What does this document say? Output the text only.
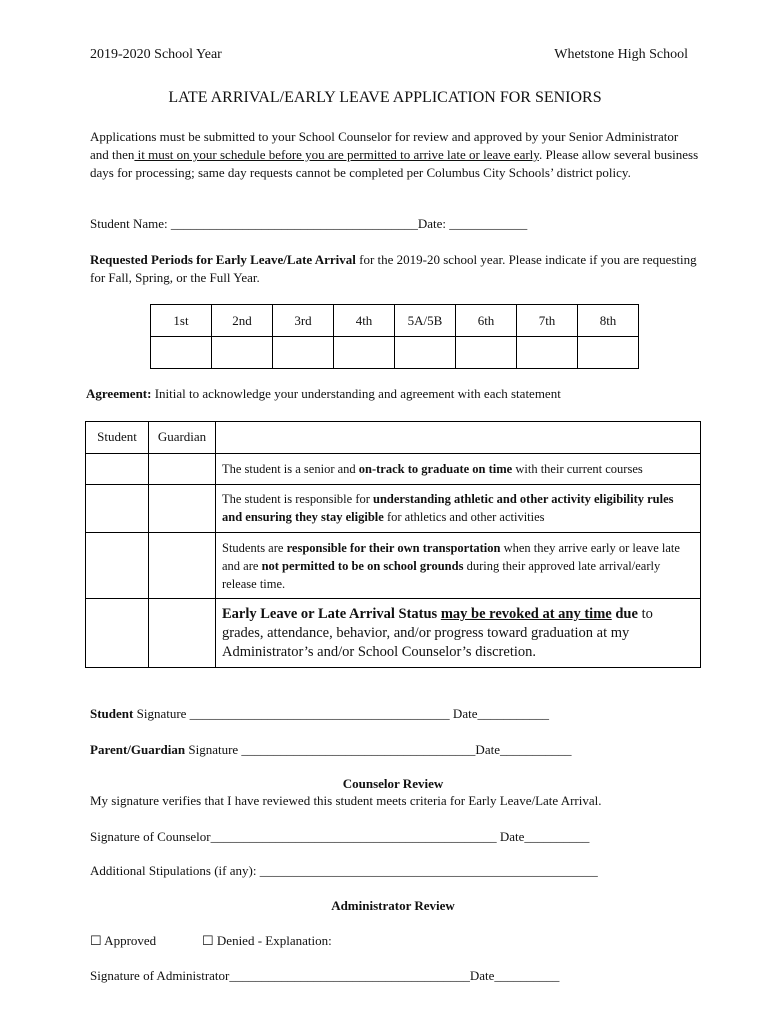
2019-2020 School Year	Whetstone High School
LATE ARRIVAL/EARLY LEAVE APPLICATION FOR SENIORS
Applications must be submitted to your School Counselor for review and approved by your Senior Administrator and then it must on your schedule before you are permitted to arrive late or leave early. Please allow several business days for processing; same day requests cannot be completed per Columbus City Schools’ district policy.
Student Name: ______________________________________Date: ____________
Requested Periods for Early Leave/Late Arrival for the 2019-20 school year. Please indicate if you are requesting for Fall, Spring, or the Full Year.
1st	2nd	3rd	4th	5A/5B	6th	7th	8th

Agreement: Initial to acknowledge your understanding and agreement with each statement
Student	Guardian	
		The student is a senior and on-track to graduate on time with their current courses
		The student is responsible for understanding athletic and other activity eligibility rules and ensuring they stay eligible for athletics and other activities
		Students are responsible for their own transportation when they arrive early or leave late and are not permitted to be on school grounds during their approved late arrival/early release time.
		Early Leave or Late Arrival Status may be revoked at any time due to grades, attendance, behavior, and/or progress toward graduation at my Administrator’s and/or School Counselor’s discretion.
Student Signature ________________________________________ Date___________
Parent/Guardian Signature ____________________________________Date___________
Counselor Review
My signature verifies that I have reviewed this student meets criteria for Early Leave/Late Arrival.
Signature of Counselor____________________________________________ Date__________
Additional Stipulations (if any): ____________________________________________________
Administrator Review
☐ Approved	☐ Denied - Explanation:
Signature of Administrator_____________________________________Date__________
